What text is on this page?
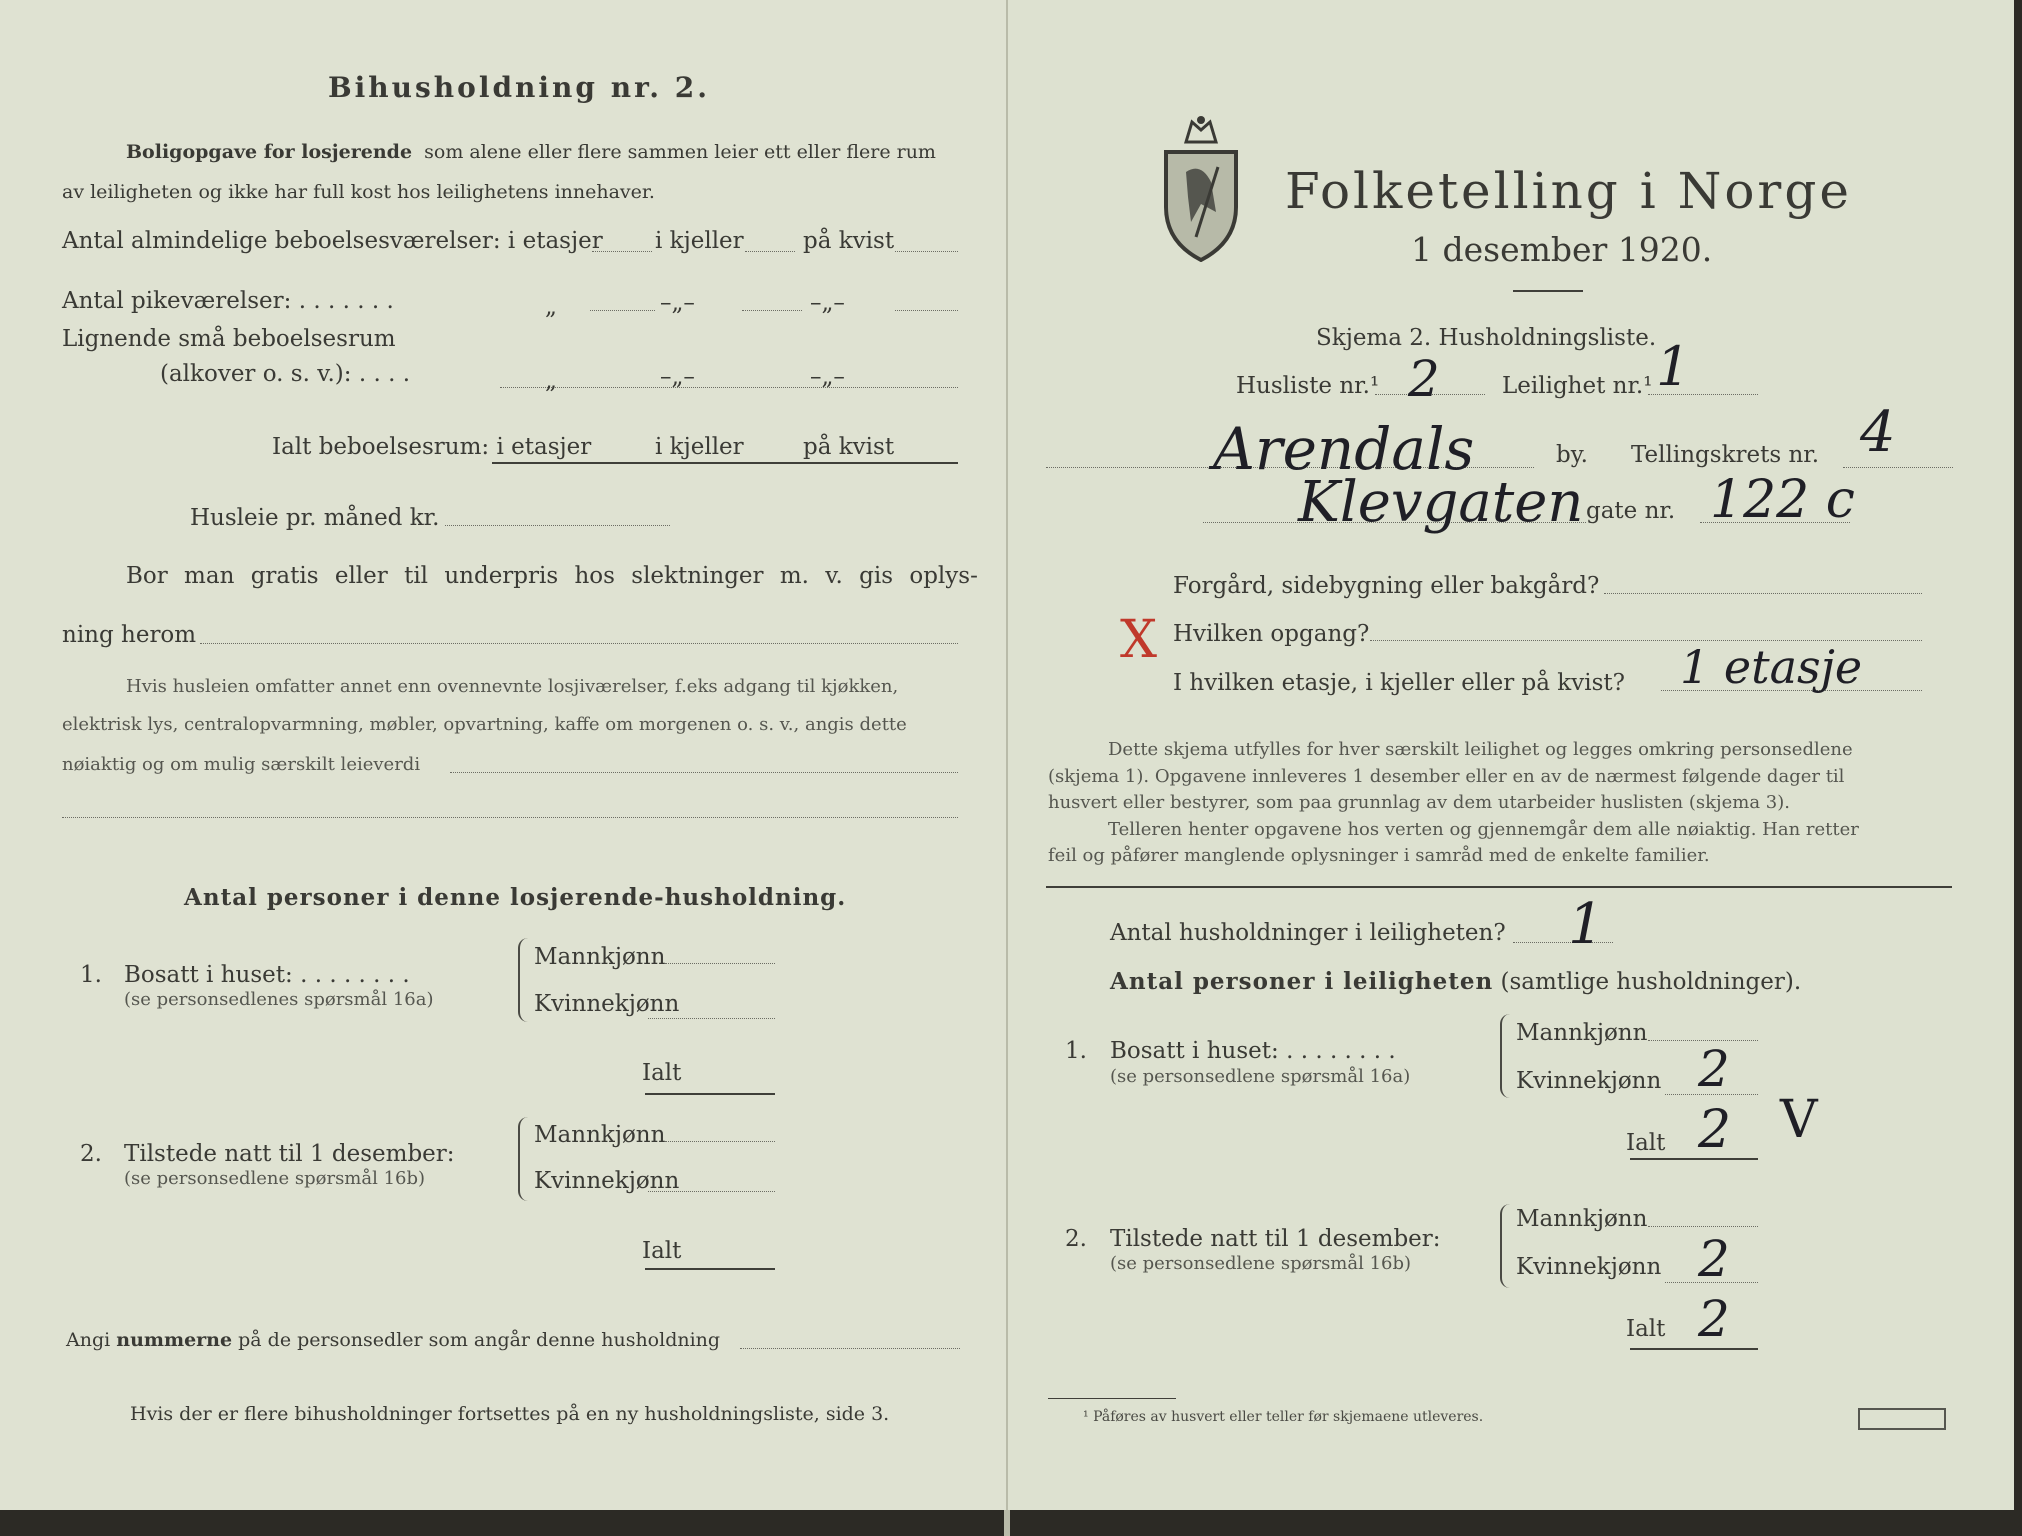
Bihusholdning nr. 2.
Boligopgave for losjerende som alene eller flere sammen leier ett eller flere rum
av leiligheten og ikke har full kost hos leilighetens innehaver.
Antal almindelige beboelsesværelser: i etasjer i kjeller	på kvist
Antal pikeværelser: . . . . . . .	„	–„–	–„–
Lignende små beboelsesrum
(alkover o. s. v.): . . . .	„	–„–	–„–
Ialt beboelsesrum: i etasjer	i kjeller	på kvist
Husleie pr. måned kr.
Bor man gratis eller til underpris hos slektninger m. v. gis oplys-
ning herom
Hvis husleien omfatter annet enn ovennevnte losjiværelser, f.eks adgang til kjøkken,
elektrisk lys, centralopvarmning, møbler, opvartning, kaffe om morgenen o. s. v., angis dette
nøiaktig og om mulig særskilt leieverdi
Antal personer i denne losjerende-husholdning.
1. Bosatt i huset: . . . . . . . .
(se personsedlenes spørsmål 16a)
Mannkjønn
Kvinnekjønn
Ialt
2. Tilstede natt til 1 desember:
(se personsedlene spørsmål 16b)
Mannkjønn
Kvinnekjønn
Ialt
Angi nummerne på de personsedler som angår denne husholdning
Hvis der er flere bihusholdninger fortsettes på en ny husholdningsliste, side 3.
Folketelling i Norge
1 desember 1920.
Skjema 2. Husholdningsliste.
Husliste nr.¹ 2	Leilighet nr.¹ 1
Arendals	by. Tellingskrets nr. 4
Klevgaten gate nr. 122 c
Forgård, sidebygning eller bakgård?
X Hvilken opgang?
I hvilken etasje, i kjeller eller på kvist? 1 etasje
Dette skjema utfylles for hver særskilt leilighet og legges omkring personsedlene
(skjema 1). Opgavene innleveres 1 desember eller en av de nærmest følgende dager til
husvert eller bestyrer, som paa grunnlag av dem utarbeider huslisten (skjema 3).
Telleren henter opgavene hos verten og gjennemgår dem alle nøiaktig. Han retter
feil og påfører manglende oplysninger i samråd med de enkelte familier.
Antal husholdninger i leiligheten? 1
Antal personer i leiligheten (samtlige husholdninger).
1. Bosatt i huset: . . . . . . . .
(se personsedlene spørsmål 16a)
Mannkjønn
Kvinnekjønn 2
Ialt 2 V
2. Tilstede natt til 1 desember:
(se personsedlene spørsmål 16b)
Mannkjønn
Kvinnekjønn 2
Ialt 2
¹ Påføres av husvert eller teller før skjemaene utleveres.
